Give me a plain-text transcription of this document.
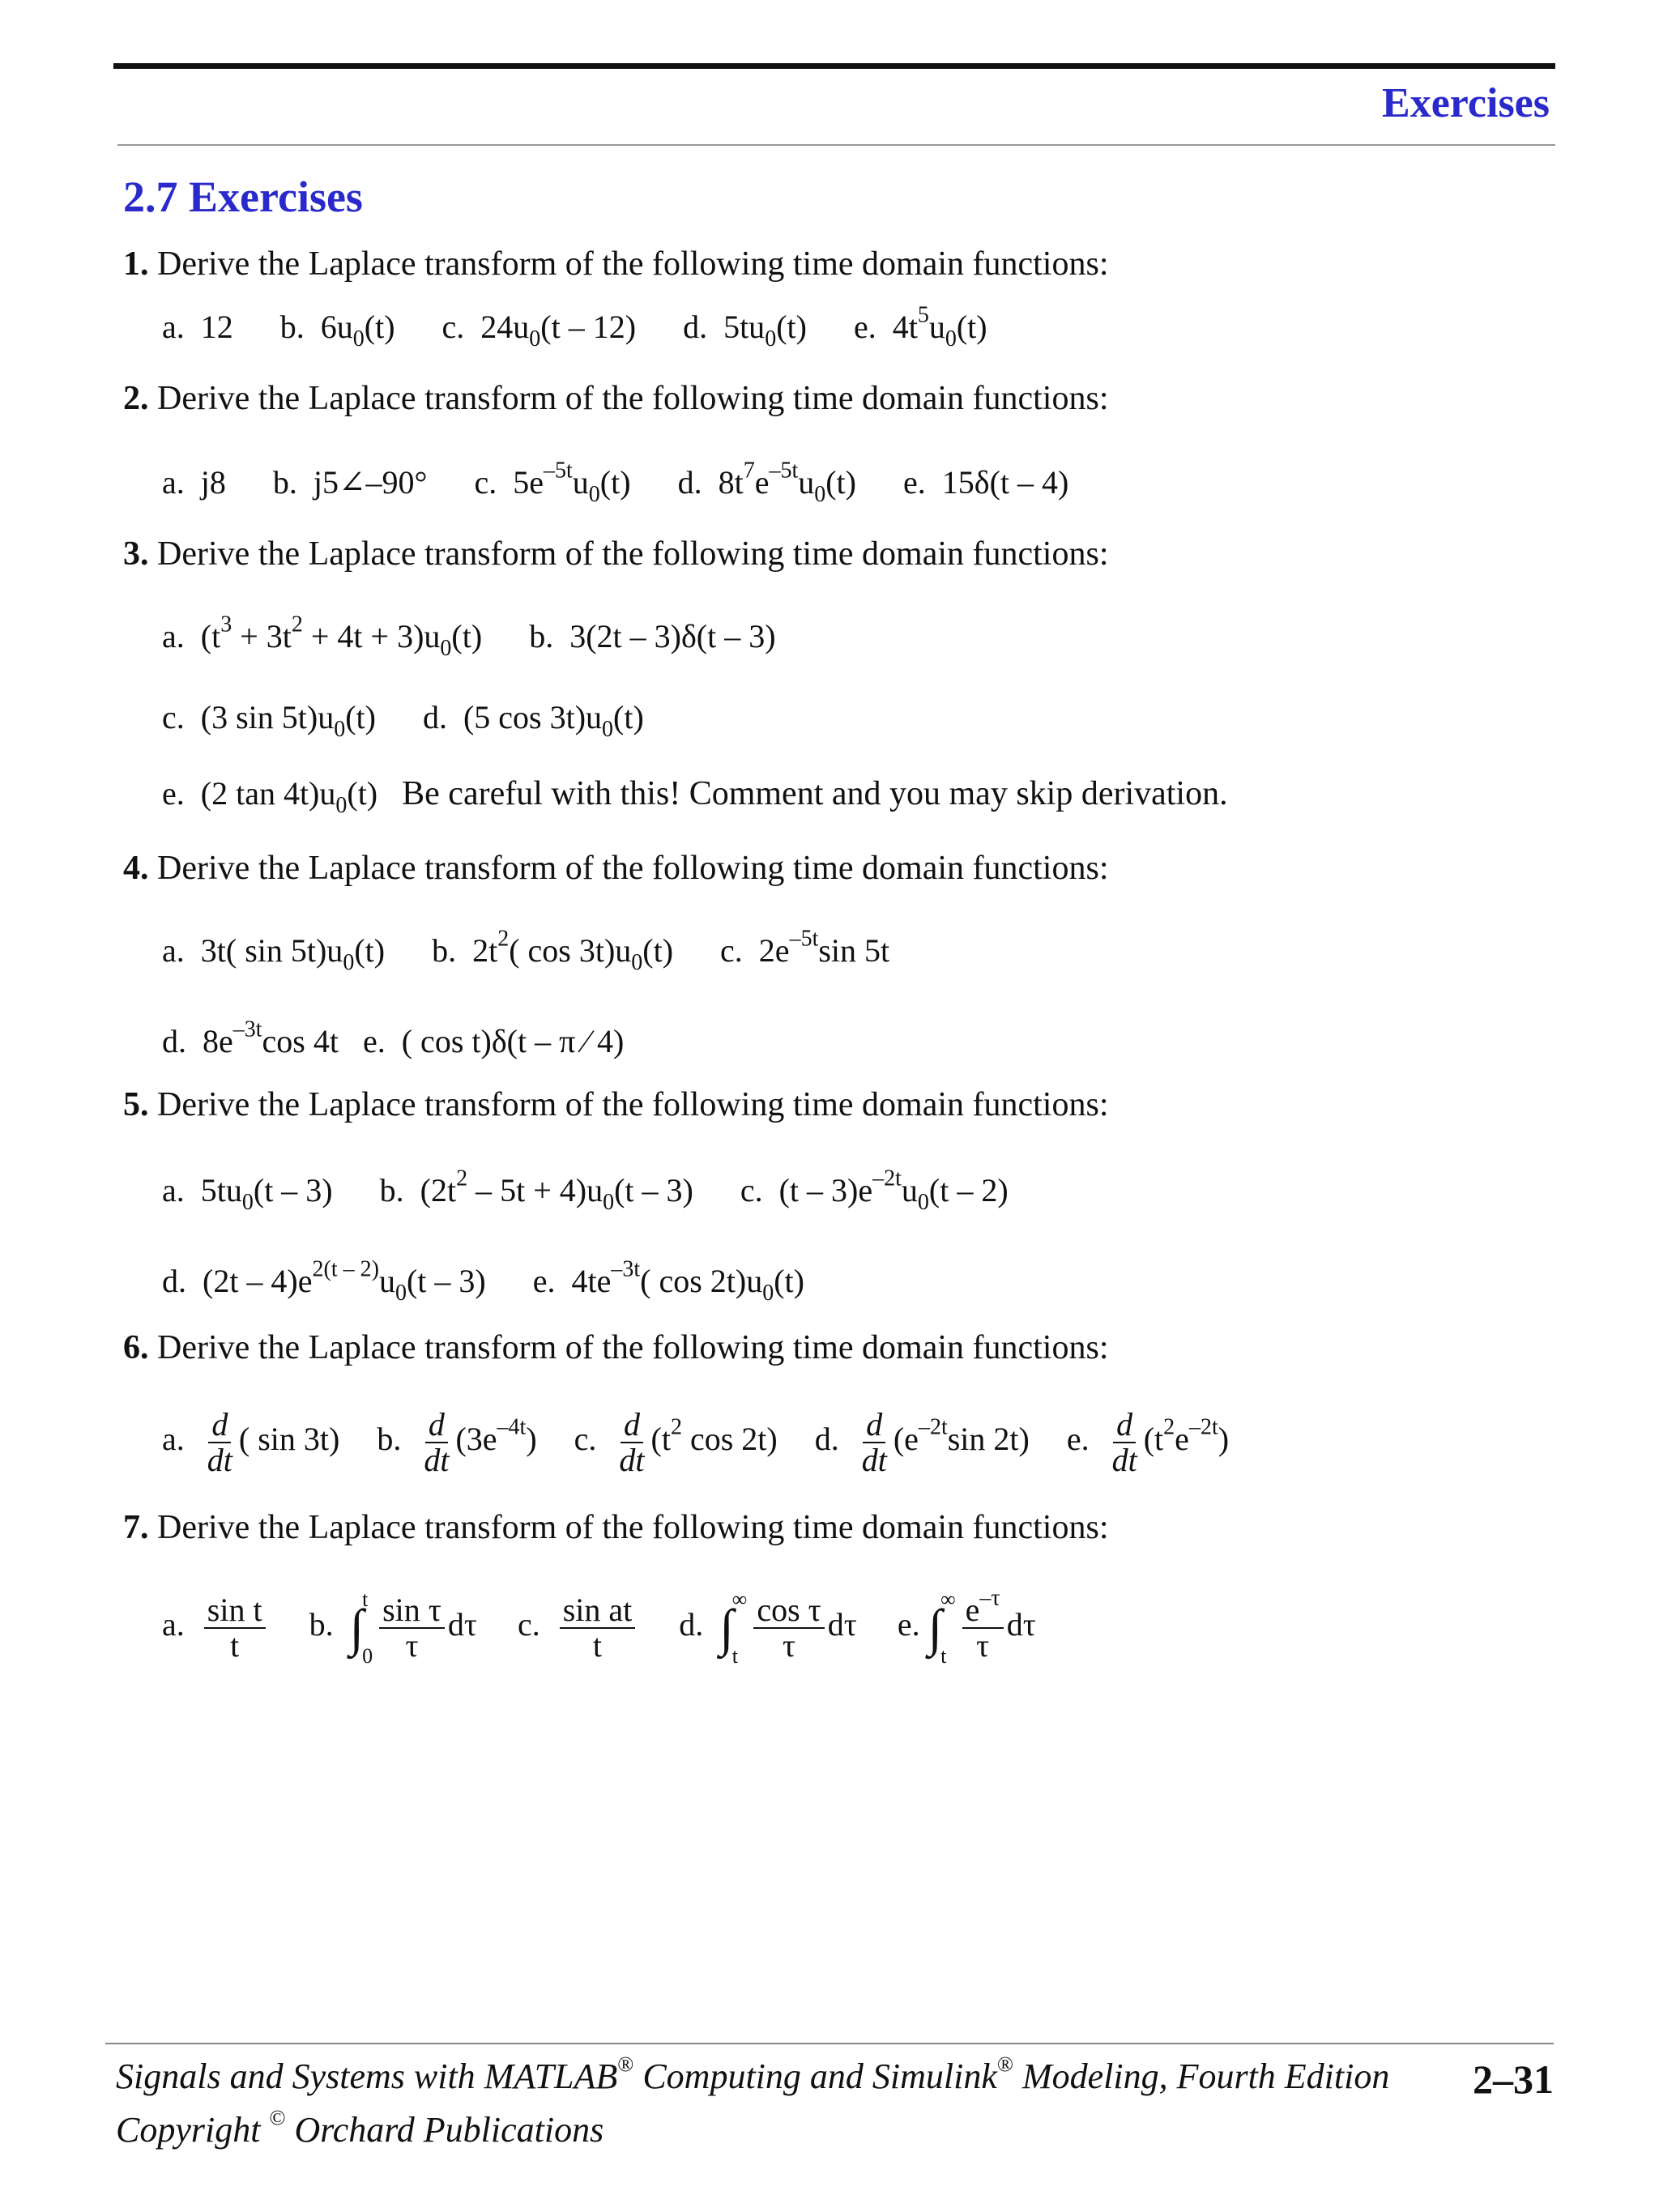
Exercises
2.7 Exercises
1. Derive the Laplace transform of the following time domain functions:
a.  12 b.  $6u_0(t)$ c.  $24u_0(t - 12)$ d.  $5tu_0(t)$ e.  $4t^5u_0(t)$
2. Derive the Laplace transform of the following time domain functions:
a.  j8 b.  j5∠–90° c.  $5e^{-5t}u_0(t)$ d.  $8t^7e^{-5t}u_0(t)$ e.  15δ(t – 4)
3. Derive the Laplace transform of the following time domain functions:
a.  $(t^3 + 3t^2 + 4t + 3)u_0(t)$ b.  3(2t – 3)δ(t – 3)
c.  (3 $\sin 5t)u_0(t)$ d.  (5 $\cos 3t)u_0(t)$
e.  (2 $\tan 4t)u_0(t)$   Be careful with this! Comment and you may skip derivation.
4. Derive the Laplace transform of the following time domain functions:
a.  3t( $\sin 5t)u_0(t)$ b.  $2t^2$( $\cos 3t)u_0(t)$ c.  $2e^{-5t}\sin$ 5t
d.  $8e^{-3t}\cos$ 4t   e.  ( cos t)δ(t – π ⁄ 4)
5. Derive the Laplace transform of the following time domain functions:
a.  $5tu_0(t - 3)$ b.  $(2t^2 - 5t + 4)u_0(t - 3)$ c.  $(t - 3)e^{-2t}u_0(t - 2)$
d.  $(2t - 4)e^{2(t - 2)}u_0(t - 3)$ e.  $4te^{-3t}$( $\cos 2t)u_0(t)$
6. Derive the Laplace transform of the following time domain functions:
a. $\frac{d}{dt}$ ( sin 3t) b. $\frac{d}{dt} (3e^{-4t})$ c. $\frac{d}{dt} (t^2$ cos 2t) d. $\frac{d}{dt} (e^{-2t}\sin$ 2t) e. $\frac{d}{dt} (t^2e^{-2t})$
7. Derive the Laplace transform of the following time domain functions:
a. $\frac{\text{sin t}}{t} b$. ∫
t
$0 \frac{\text{sin τ}}{\tau}$ dτ c. $\frac{\text{sin at}}{t} d$. ∫
∞
t $\frac{\text{cos τ}}{\tau}$ dτ e. ∫
∞
t $\frac{e^{-\tau}}{\tau}$ dτ
Signals and Systems with MATLAB® Computing and Simulink® Modeling, Fourth Edition
Copyright © Orchard Publications
2–31
